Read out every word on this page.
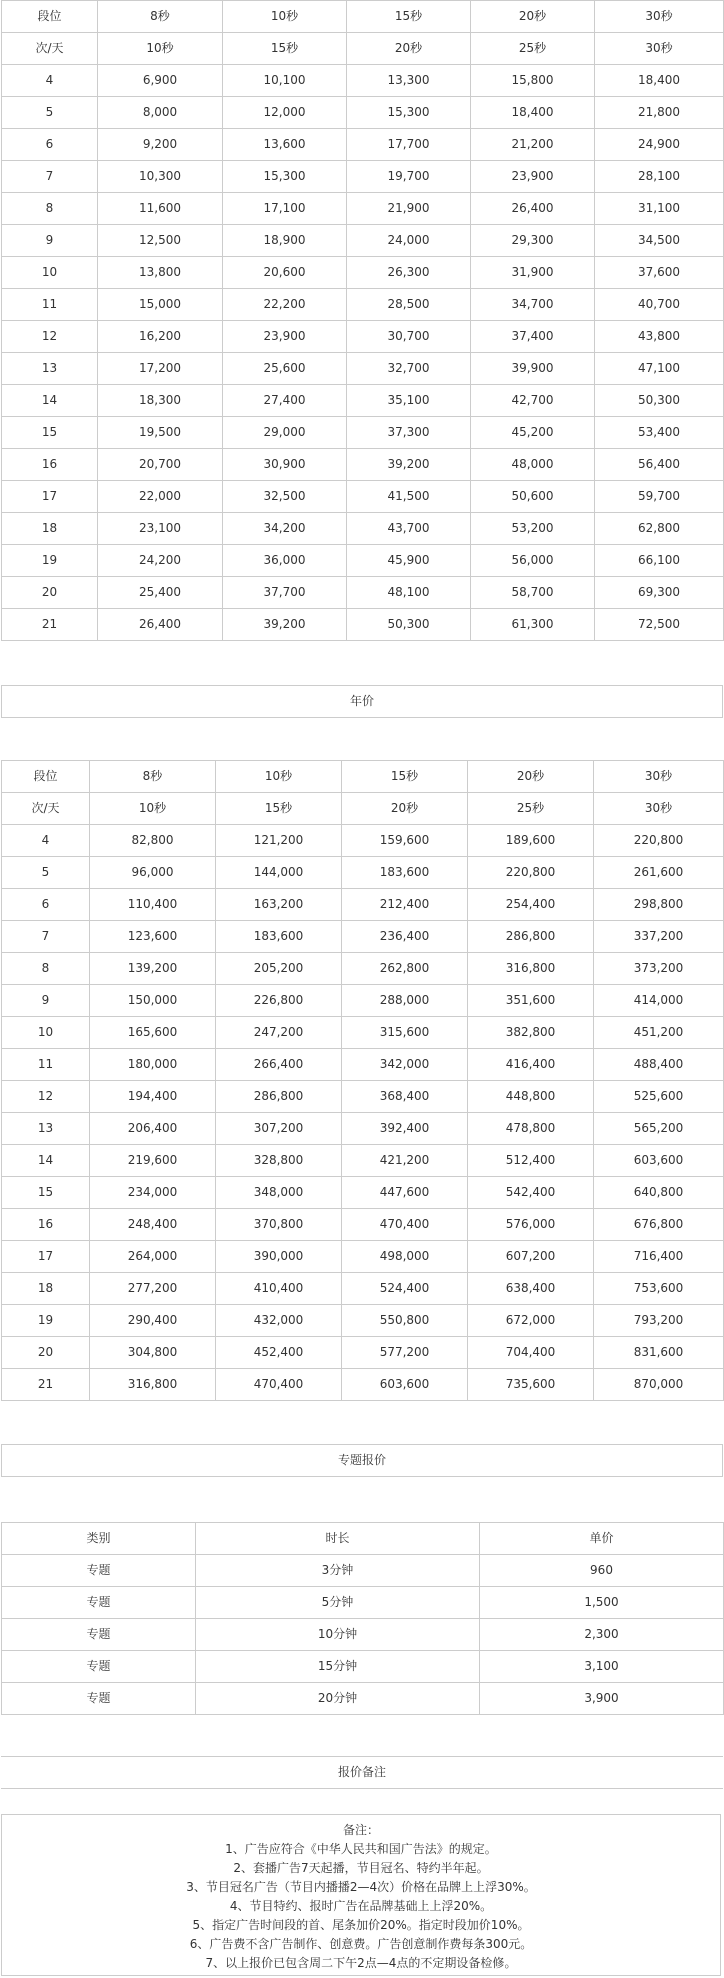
段位	8秒	10秒	15秒	20秒	30秒
次/天	10秒	15秒	20秒	25秒	30秒
4	6,900	10,100	13,300	15,800	18,400
5	8,000	12,000	15,300	18,400	21,800
6	9,200	13,600	17,700	21,200	24,900
7	10,300	15,300	19,700	23,900	28,100
8	11,600	17,100	21,900	26,400	31,100
9	12,500	18,900	24,000	29,300	34,500
10	13,800	20,600	26,300	31,900	37,600
11	15,000	22,200	28,500	34,700	40,700
12	16,200	23,900	30,700	37,400	43,800
13	17,200	25,600	32,700	39,900	47,100
14	18,300	27,400	35,100	42,700	50,300
15	19,500	29,000	37,300	45,200	53,400
16	20,700	30,900	39,200	48,000	56,400
17	22,000	32,500	41,500	50,600	59,700
18	23,100	34,200	43,700	53,200	62,800
19	24,200	36,000	45,900	56,000	66,100
20	25,400	37,700	48,100	58,700	69,300
21	26,400	39,200	50,300	61,300	72,500
年价
段位	8秒	10秒	15秒	20秒	30秒
次/天	10秒	15秒	20秒	25秒	30秒
4	82,800	121,200	159,600	189,600	220,800
5	96,000	144,000	183,600	220,800	261,600
6	110,400	163,200	212,400	254,400	298,800
7	123,600	183,600	236,400	286,800	337,200
8	139,200	205,200	262,800	316,800	373,200
9	150,000	226,800	288,000	351,600	414,000
10	165,600	247,200	315,600	382,800	451,200
11	180,000	266,400	342,000	416,400	488,400
12	194,400	286,800	368,400	448,800	525,600
13	206,400	307,200	392,400	478,800	565,200
14	219,600	328,800	421,200	512,400	603,600
15	234,000	348,000	447,600	542,400	640,800
16	248,400	370,800	470,400	576,000	676,800
17	264,000	390,000	498,000	607,200	716,400
18	277,200	410,400	524,400	638,400	753,600
19	290,400	432,000	550,800	672,000	793,200
20	304,800	452,400	577,200	704,400	831,600
21	316,800	470,400	603,600	735,600	870,000
专题报价
类别	时长	单价
专题	3分钟	960
专题	5分钟	1,500
专题	10分钟	2,300
专题	15分钟	3,100
专题	20分钟	3,900
报价备注
备注：
1、广告应符合《中华人民共和国广告法》的规定。
2、套播广告7天起播，节目冠名、特约半年起。
3、节目冠名广告（节目内播播2—4次）价格在品牌上上浮30%。
4、节目特约、报时广告在品牌基础上上浮20%。
5、指定广告时间段的首、尾条加价20%。指定时段加价10%。
6、广告费不含广告制作、创意费。广告创意制作费每条300元。
7、以上报价已包含周二下午2点—4点的不定期设备检修。
